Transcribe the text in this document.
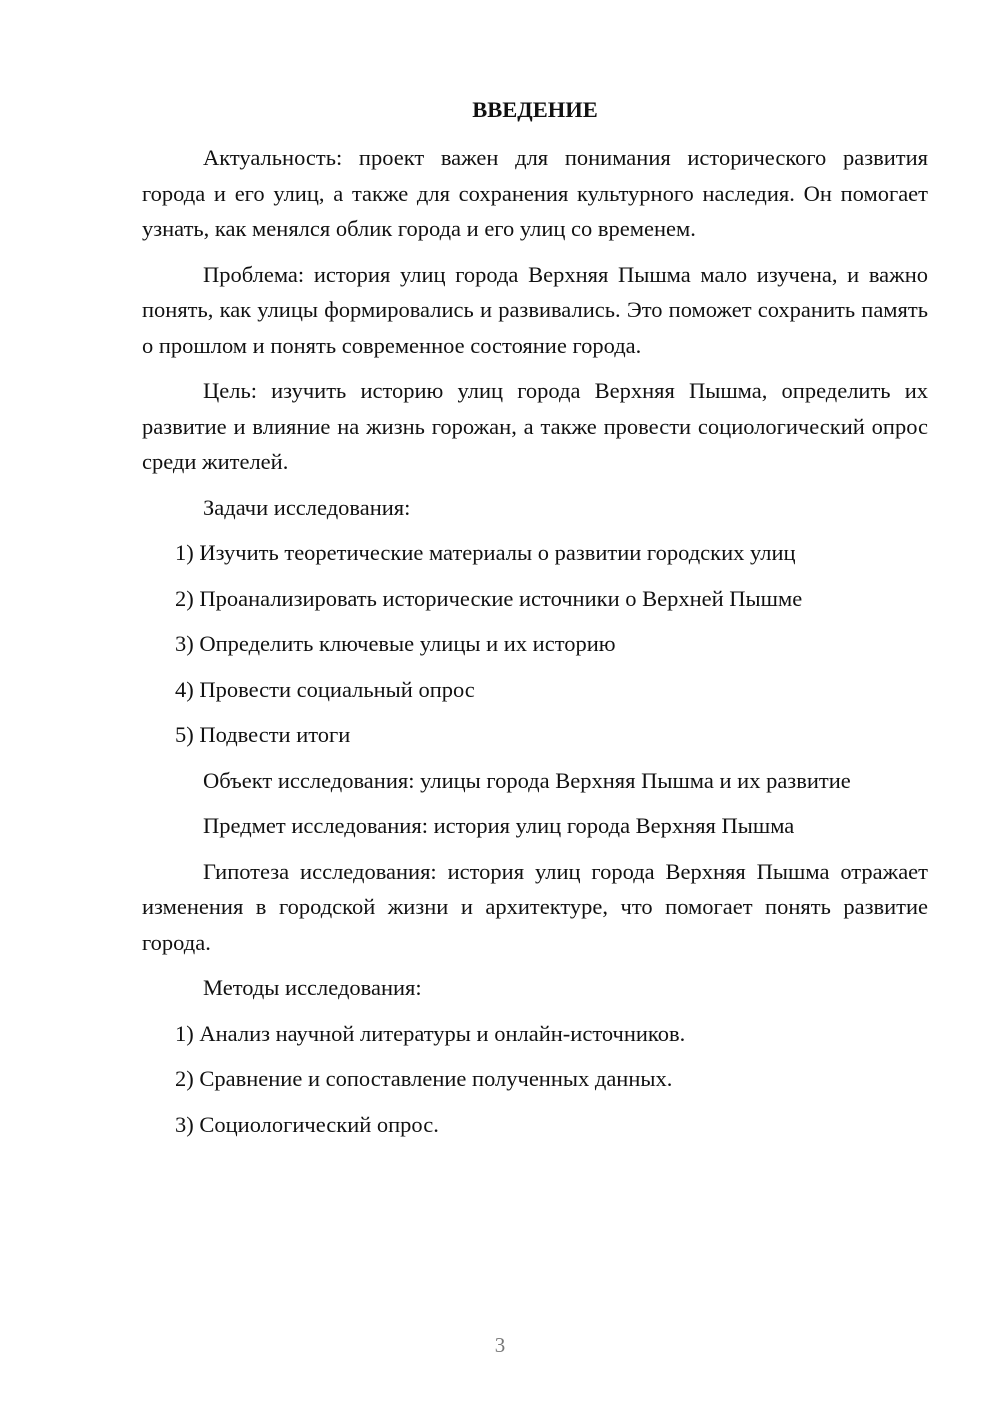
ВВЕДЕНИЕ

Актуальность: проект важен для понимания исторического развития города и его улиц, а также для сохранения культурного наследия. Он помогает узнать, как менялся облик города и его улиц со временем.

Проблема: история улиц города Верхняя Пышма мало изучена, и важно понять, как улицы формировались и развивались. Это поможет сохранить память о прошлом и понять современное состояние города.

Цель: изучить историю улиц города Верхняя Пышма, определить их развитие и влияние на жизнь горожан, а также провести социологический опрос среди жителей.

Задачи исследования:

1) Изучить теоретические материалы о развитии городских улиц
2) Проанализировать исторические источники о Верхней Пышме
3) Определить ключевые улицы и их историю
4) Провести социальный опрос
5) Подвести итоги

Объект исследования: улицы города Верхняя Пышма и их развитие

Предмет исследования: история улиц города Верхняя Пышма

Гипотеза исследования: история улиц города Верхняя Пышма отражает изменения в городской жизни и архитектуре, что помогает понять развитие города.

Методы исследования:

1) Анализ научной литературы и онлайн-источников.
2) Сравнение и сопоставление полученных данных.
3) Социологический опрос.
3
